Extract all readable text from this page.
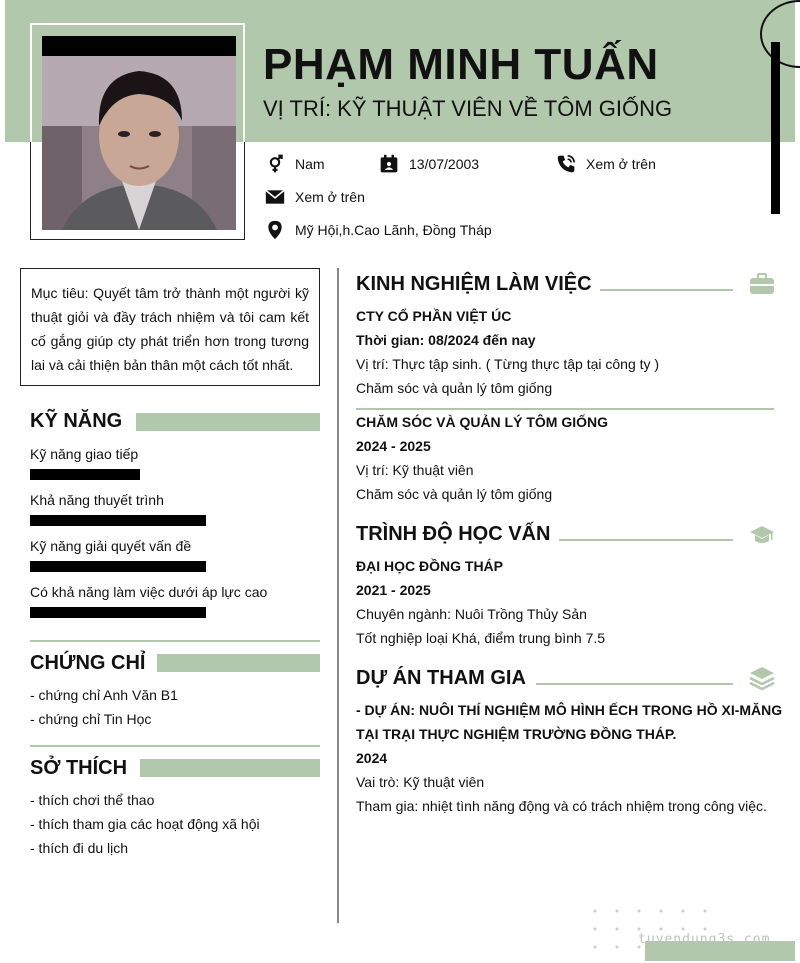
PHẠM MINH TUẤN
VỊ TRÍ: KỸ THUẬT VIÊN VỀ TÔM GIỐNG
Nam	13/07/2003	Xem ở trên
Xem ở trên
Mỹ Hội,h.Cao Lãnh, Đồng Tháp
Mục tiêu: Quyết tâm trở thành một người kỹ thuật giỏi và đầy trách nhiệm và tôi cam kết cố gắng giúp cty phát triển hơn trong tương lai và cải thiện bản thân một cách tốt nhất.
KỸ NĂNG
Kỹ năng giao tiếp
Khả năng thuyết trình
Kỹ năng giải quyết vấn đề
Có khả năng làm việc dưới áp lực cao
CHỨNG CHỈ
- chứng chỉ Anh Văn B1
- chứng chỉ Tin Học
SỞ THÍCH
- thích chơi thể thao
- thích tham gia các hoạt động xã hội
- thích đi du lịch
KINH NGHIỆM LÀM VIỆC
CTY CỔ PHẦN VIỆT ÚC
Thời gian: 08/2024 đến nay
Vị trí: Thực tập sinh. ( Từng thực tập tại công ty )
Chăm sóc và quản lý tôm giống
CHĂM SÓC VÀ QUẢN LÝ TÔM GIỐNG
2024 - 2025
Vị trí: Kỹ thuật viên
Chăm sóc và quản lý tôm giống
TRÌNH ĐỘ HỌC VẤN
ĐẠI HỌC ĐỒNG THÁP
2021 - 2025
Chuyên ngành: Nuôi Trồng Thủy Sản
Tốt nghiệp loại Khá, điểm trung bình 7.5
DỰ ÁN THAM GIA
- DỰ ÁN: NUÔI THÍ NGHIỆM MÔ HÌNH ẾCH TRONG HỒ XI-MĂNG
TẠI TRẠI THỰC NGHIỆM TRƯỜNG ĐỒNG THÁP.
2024
Vai trò: Kỹ thuật viên
Tham gia: nhiệt tình năng động và có trách nhiệm trong công việc.
tuyendung3s.com
